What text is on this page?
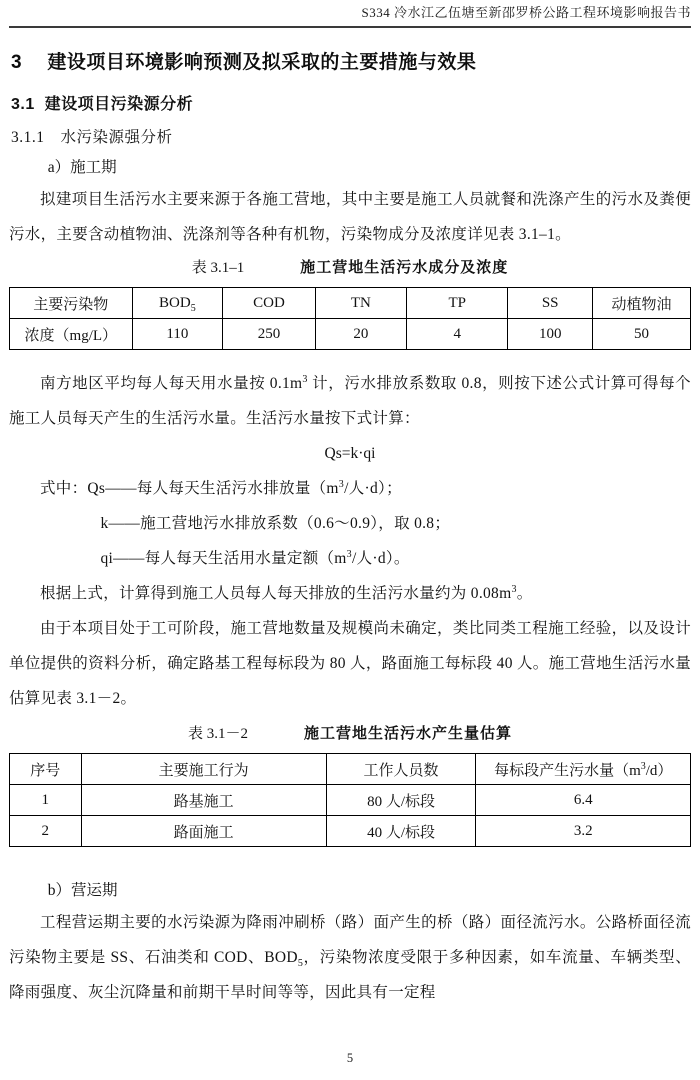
S334 冷水江乙伍塘至新邵罗桥公路工程环境影响报告书
3　 建设项目环境影响预测及拟采取的主要措施与效果
3.1  建设项目污染源分析
3.1.1　水污染源强分析
a）施工期

拟建项目生活污水主要来源于各施工营地，其中主要是施工人员就餐和洗涤产生的污水及粪便污水，主要含动植物油、洗涤剂等各种有机物，污染物成分及浓度详见表 3.1–1。

表 3.1–1	施工营地生活污水成分及浓度
主要污染物	$BOD_5$	COD	TN	TP	SS	动植物油
浓度（mg/L）	110	250	20	4	100	50

南方地区平均每人每天用水量按 $0.1m^3$ 计，污水排放系数取 0.8，则按下述公式计算可得每个施工人员每天产生的生活污水量。生活污水量按下式计算：

Qs=k·qi
式中：Qs——每人每天生活污水排放量（$m^3/$人·d）；
k——施工营地污水排放系数（0.6～0.9），取 0.8；
qi——每人每天生活用水量定额（$m^3/$人·d）。

根据上式，计算得到施工人员每人每天排放的生活污水量约为 $0.08m^3$。

由于本项目处于工可阶段，施工营地数量及规模尚未确定，类比同类工程施工经验，以及设计单位提供的资料分析，确定路基工程每标段为 80 人，路面施工每标段 40 人。施工营地生活污水量估算见表 3.1－2。

表 3.1－2	施工营地生活污水产生量估算
序号	主要施工行为	工作人员数	每标段产生污水量$(m^3/d)$
1	路基施工	80 人/标段	6.4
2	路面施工	40 人/标段	3.2
b）营运期

工程营运期主要的水污染源为降雨冲刷桥（路）面产生的桥（路）面径流污水。公路桥面径流污染物主要是 SS、石油类和 COD、$BOD_5$，污染物浓度受限于多种因素，如车流量、车辆类型、降雨强度、灰尘沉降量和前期干旱时间等等，因此具有一定程

5
